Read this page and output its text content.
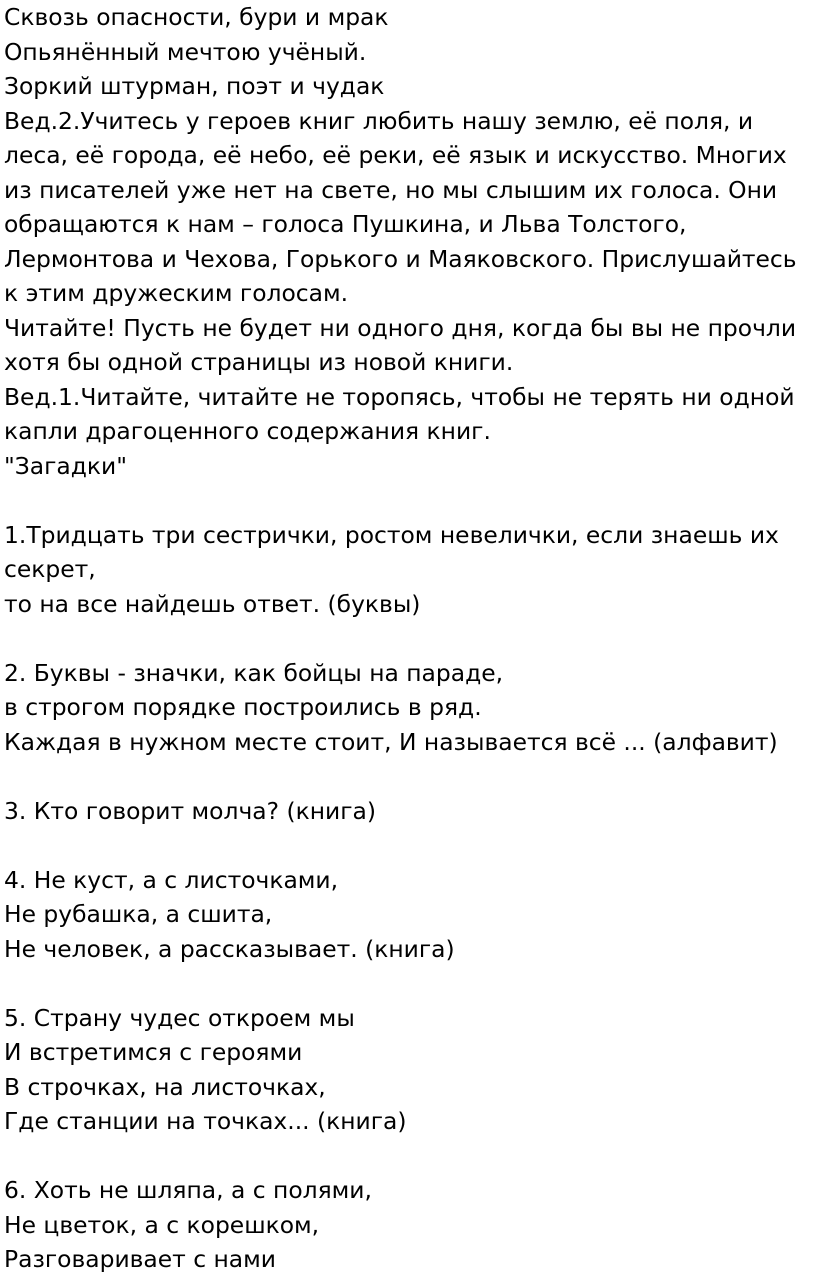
Сквозь опасности, бури и мрак
Опьянённый мечтою учёный.
Зоркий штурман, поэт и чудак
Вед.2.Учитесь у героев книг любить нашу землю, её поля, и
леса, её города, её небо, её реки, её язык и искусство. Многих
из писателей уже нет на свете, но мы слышим их голоса. Они
обращаются к нам – голоса Пушкина, и Льва Толстого,
Лермонтова и Чехова, Горького и Маяковского. Прислушайтесь
к этим дружеским голосам.
Читайте! Пусть не будет ни одного дня, когда бы вы не прочли
хотя бы одной страницы из новой книги.
Вед.1.Читайте, читайте не торопясь, чтобы не терять ни одной
капли драгоценного содержания книг.
"Загадки"
1.Тридцать три сестрички, ростом невелички, если знаешь их
секрет,
то на все найдешь ответ. (буквы)
2. Буквы - значки, как бойцы на параде,
в строгом порядке построились в ряд.
Каждая в нужном месте стоит, И называется всё ... (алфавит)
3. Кто говорит молча? (книга)
4. Не куст, а с листочками,
Не рубашка, а сшита,
Не человек, а рассказывает. (книга)
5. Страну чудес откроем мы
И встретимся с героями
В строчках, на листочках,
Где станции на точках... (книга)
6. Хоть не шляпа, а с полями,
Не цветок, а с корешком,
Разговаривает с нами
